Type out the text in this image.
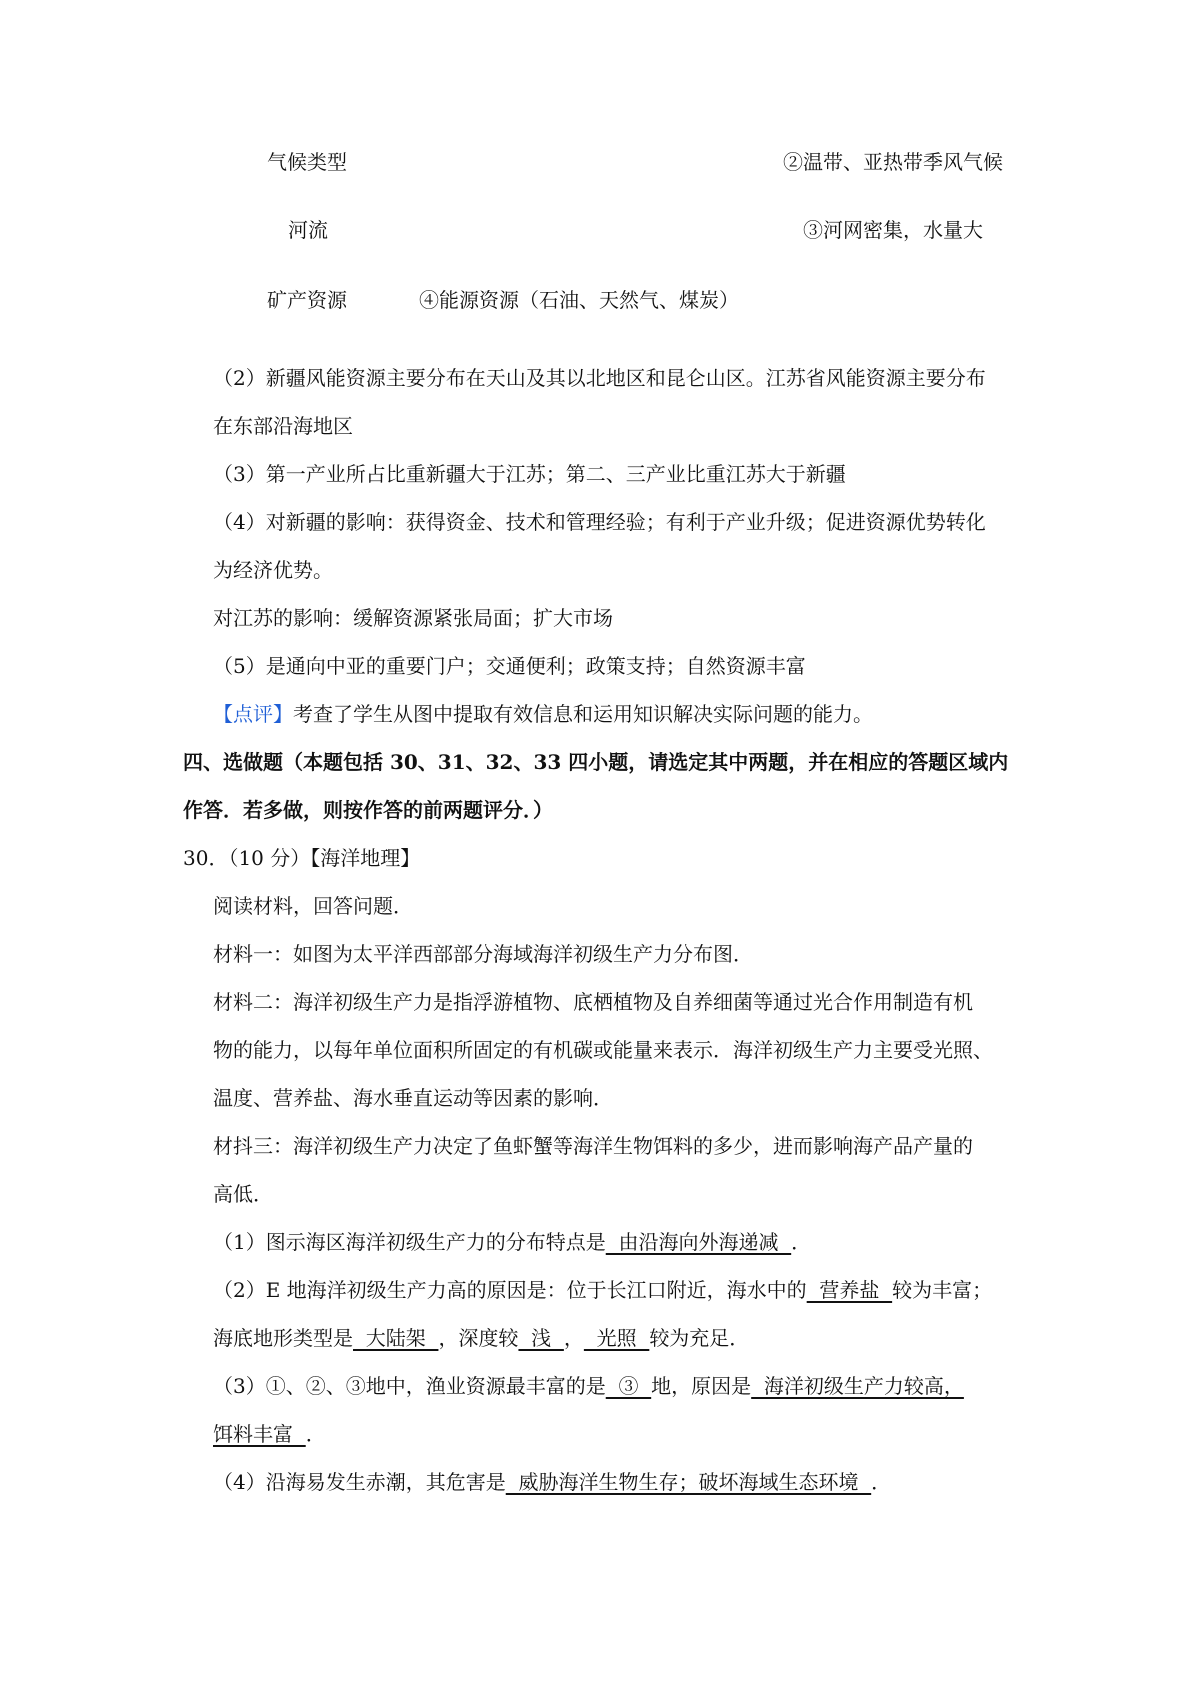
气候类型	②温带、亚热带季风气候
河流	③河网密集，水量大
矿产资源	④能源资源（石油、天然气、煤炭）
（2）新疆风能资源主要分布在天山及其以北地区和昆仑山区。江苏省风能资源主要分布
在东部沿海地区
（3）第一产业所占比重新疆大于江苏；第二、三产业比重江苏大于新疆
（4）对新疆的影响：获得资金、技术和管理经验；有利于产业升级；促进资源优势转化
为经济优势。
对江苏的影响：缓解资源紧张局面；扩大市场
（5）是通向中亚的重要门户；交通便利；政策支持；自然资源丰富
【点评】考查了学生从图中提取有效信息和运用知识解决实际问题的能力。
四、选做题（本题包括 30、31、32、33 四小题，请选定其中两题，并在相应的答题区域内
作答．若多做，则按作答的前两题评分．）
30．（10 分）【海洋地理】
阅读材料，回答问题．
材料一：如图为太平洋西部部分海域海洋初级生产力分布图．
材料二：海洋初级生产力是指浮游植物、底栖植物及自养细菌等通过光合作用制造有机
物的能力，以每年单位面积所固定的有机碳或能量来表示．海洋初级生产力主要受光照、
温度、营养盐、海水垂直运动等因素的影响．
材抖三：海洋初级生产力决定了鱼虾蟹等海洋生物饵料的多少，进而影响海产品产量的
高低．
（1）图示海区海洋初级生产力的分布特点是  由沿海向外海递减  ．
（2）E 地海洋初级生产力高的原因是：位于长江口附近，海水中的  营养盐  较为丰富；
海底地形类型是  大陆架  ，深度较  浅  ，  光照  较为充足．
（3）①、②、③地中，渔业资源最丰富的是  ③  地，原因是  海洋初级生产力较高，
饵料丰富  ．
（4）沿海易发生赤潮，其危害是  威胁海洋生物生存；破坏海域生态环境  ．
